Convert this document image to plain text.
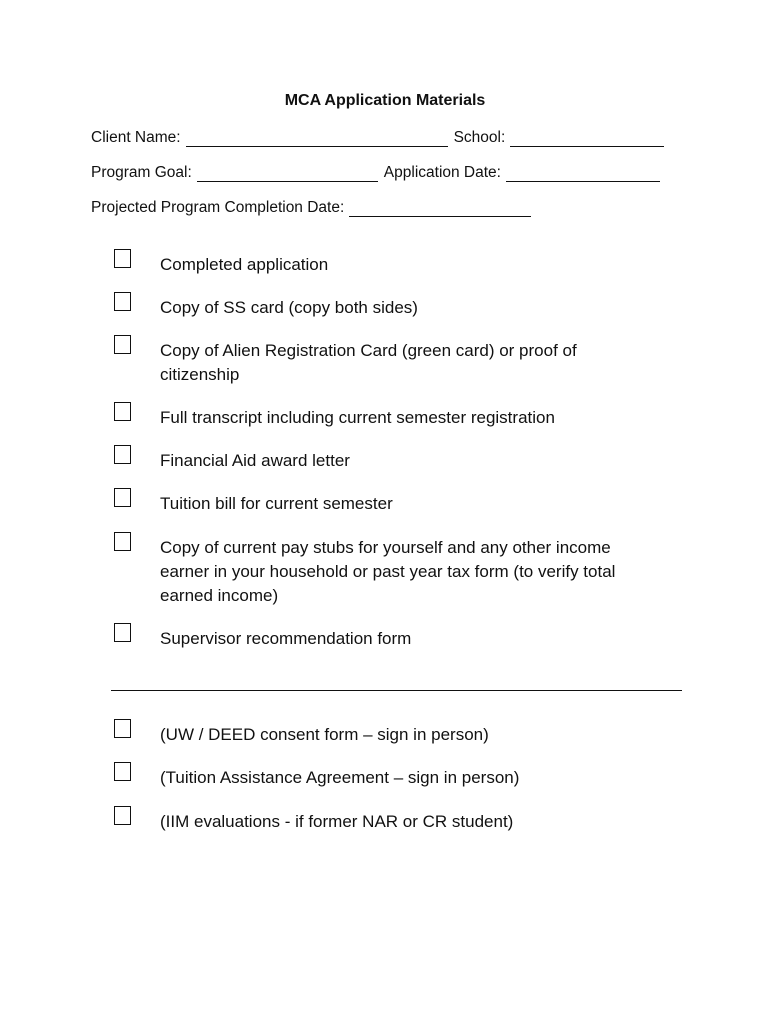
MCA Application Materials
Client Name:	School:
Program Goal:	Application Date:
Projected Program Completion Date:
Completed application
Copy of SS card (copy both sides)
Copy of Alien Registration Card (green card) or proof of citizenship
Full transcript including current semester registration
Financial Aid award letter
Tuition bill for current semester
Copy of current pay stubs for yourself and any other income earner in your household or past year tax form (to verify total earned income)
Supervisor recommendation form
(UW / DEED consent form – sign in person)
(Tuition Assistance Agreement – sign in person)
(IIM evaluations - if former NAR or CR student)
